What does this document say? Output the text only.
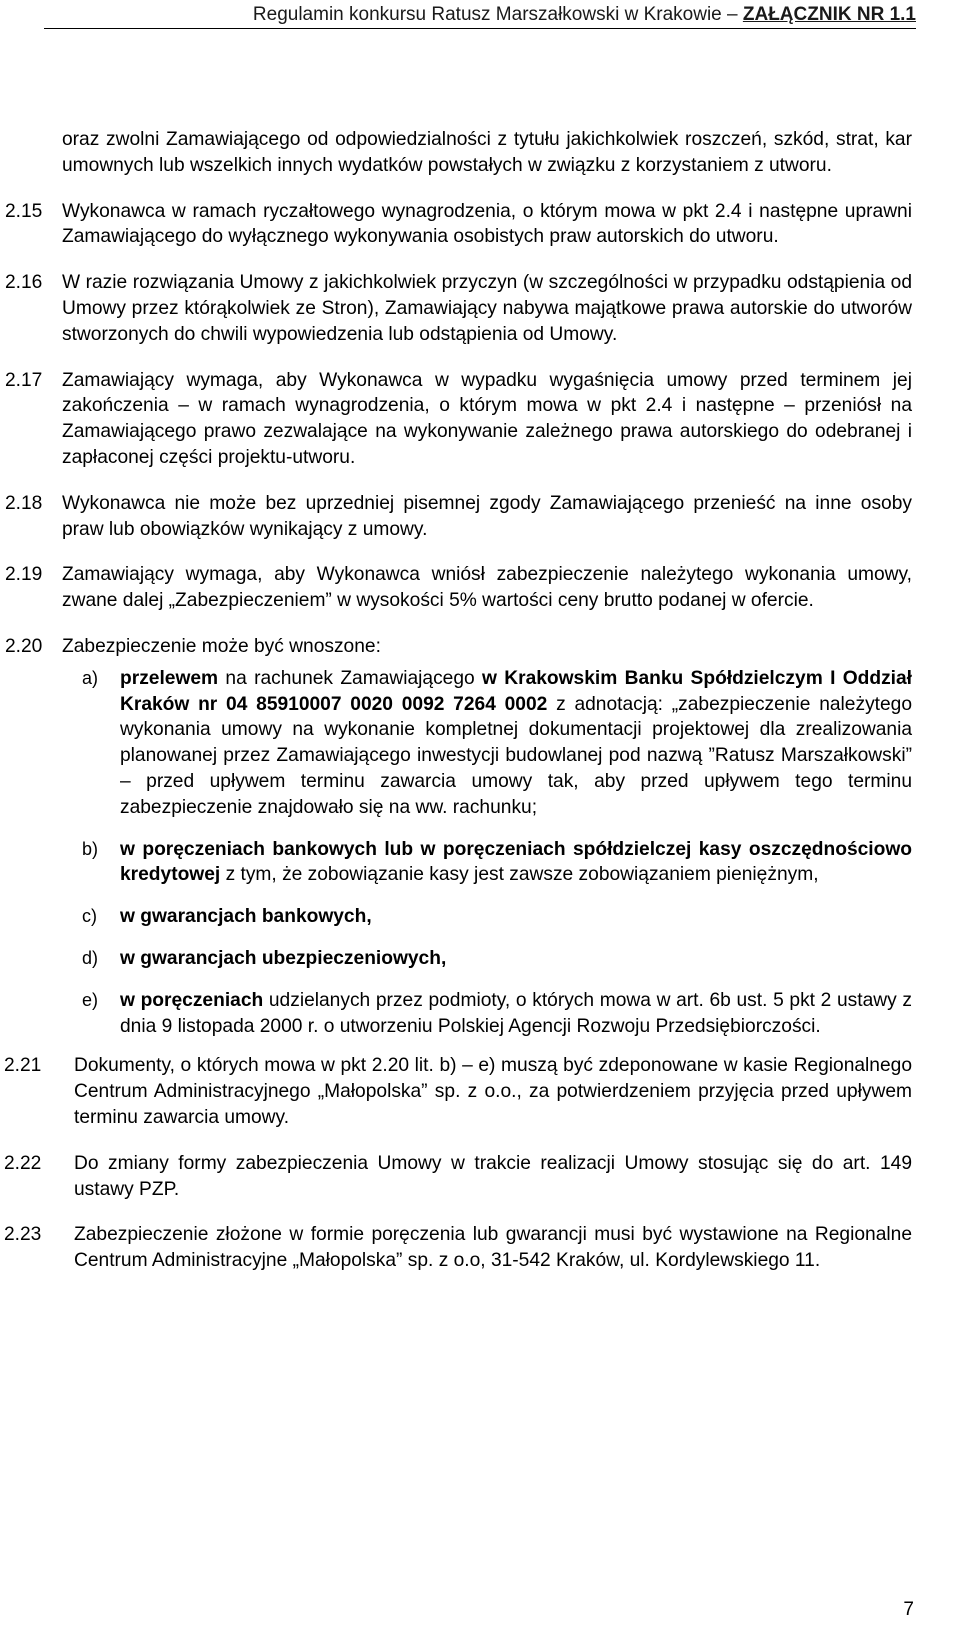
Regulamin konkursu Ratusz Marszałkowski w Krakowie – ZAŁĄCZNIK NR 1.1

oraz zwolni Zamawiającego od odpowiedzialności z tytułu jakichkolwiek roszczeń, szkód, strat, kar umownych lub wszelkich innych wydatków powstałych w związku z korzystaniem z utworu.

2.15 Wykonawca w ramach ryczałtowego wynagrodzenia, o którym mowa w pkt 2.4 i następne uprawni Zamawiającego do wyłącznego wykonywania osobistych praw autorskich do utworu.

2.16 W razie rozwiązania Umowy z jakichkolwiek przyczyn (w szczególności w przypadku odstąpienia od Umowy przez którąkolwiek ze Stron), Zamawiający nabywa majątkowe prawa autorskie do utworów stworzonych do chwili wypowiedzenia lub odstąpienia od Umowy.

2.17 Zamawiający wymaga, aby Wykonawca w wypadku wygaśnięcia umowy przed terminem jej zakończenia – w ramach wynagrodzenia, o którym mowa w pkt 2.4 i następne – przeniósł na Zamawiającego prawo zezwalające na wykonywanie zależnego prawa autorskiego do odebranej i zapłaconej części projektu-utworu.

2.18 Wykonawca nie może bez uprzedniej pisemnej zgody Zamawiającego przenieść na inne osoby praw lub obowiązków wynikający z umowy.

2.19 Zamawiający wymaga, aby Wykonawca wniósł zabezpieczenie należytego wykonania umowy, zwane dalej „Zabezpieczeniem” w wysokości 5% wartości ceny brutto podanej w ofercie.

2.20 Zabezpieczenie może być wnoszone:

a) przelewem na rachunek Zamawiającego w Krakowskim Banku Spółdzielczym I Oddział Kraków nr 04 85910007 0020 0092 7264 0002 z adnotacją: „zabezpieczenie należytego wykonania umowy na wykonanie kompletnej dokumentacji projektowej dla zrealizowania planowanej przez Zamawiającego inwestycji budowlanej pod nazwą ”Ratusz Marszałkowski” – przed upływem terminu zawarcia umowy tak, aby przed upływem tego terminu zabezpieczenie znajdowało się na ww. rachunku;

b) w poręczeniach bankowych lub w poręczeniach spółdzielczej kasy oszczędnościowo kredytowej z tym, że zobowiązanie kasy jest zawsze zobowiązaniem pieniężnym,

c) w gwarancjach bankowych,

d) w gwarancjach ubezpieczeniowych,

e) w poręczeniach udzielanych przez podmioty, o których mowa w art. 6b ust. 5 pkt 2 ustawy z dnia 9 listopada 2000 r. o utworzeniu Polskiej Agencji Rozwoju Przedsiębiorczości.

2.21	Dokumenty, o których mowa w pkt 2.20 lit. b) – e) muszą być zdeponowane w kasie Regionalnego Centrum Administracyjnego „Małopolska” sp. z o.o., za potwierdzeniem przyjęcia przed upływem terminu zawarcia umowy.

2.22	Do zmiany formy zabezpieczenia Umowy w trakcie realizacji Umowy stosując się do art. 149 ustawy PZP.

2.23	Zabezpieczenie złożone w formie poręczenia lub gwarancji musi być wystawione na Regionalne Centrum Administracyjne „Małopolska” sp. z o.o, 31-542 Kraków, ul. Kordylewskiego 11.

7
